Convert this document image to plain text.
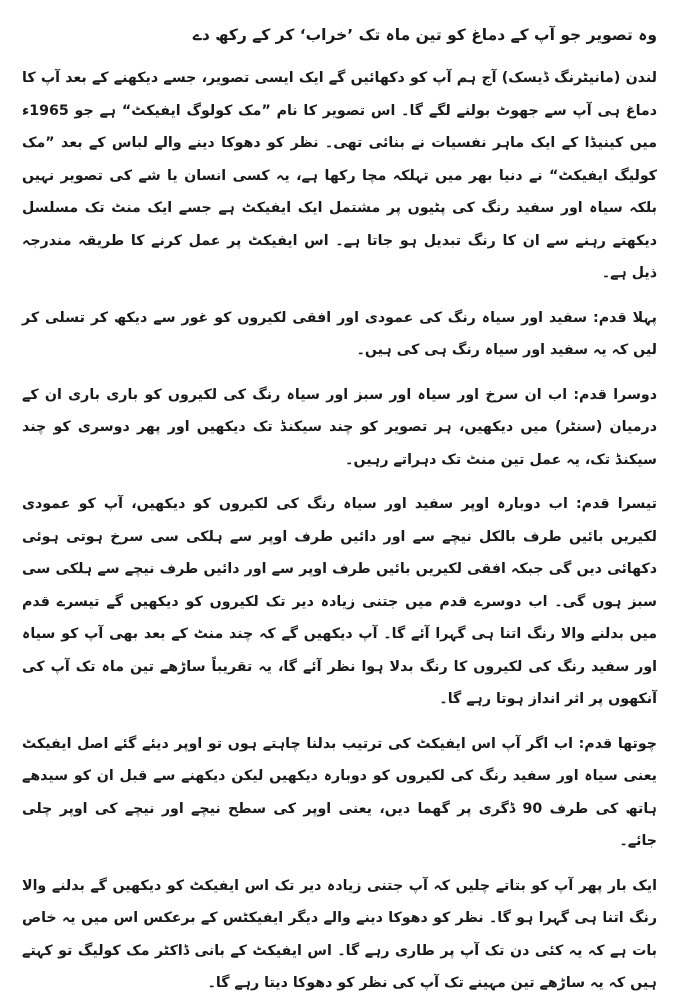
وہ تصویر جو آپ کے دماغ کو تین ماہ تک ’خراب‘ کر کے رکھ دے

لندن (مانیٹرنگ ڈیسک) آج ہم آپ کو دکھائیں گے ایک ایسی تصویر، جسے دیکھنے کے بعد آپ کا دماغ ہی آپ سے جھوٹ بولنے لگے گا۔ اس تصویر کا نام ”مک کولوگ ایفیکٹ“ ہے جو 1965ء میں کینیڈا کے ایک ماہر نفسیات نے بنائی تھی۔ نظر کو دھوکا دینے والے لباس کے بعد ”مک کولیگ ایفیکٹ“ نے دنیا بھر میں تہلکہ مچا رکھا ہے، یہ کسی انسان یا شے کی تصویر نہیں بلکہ سیاہ اور سفید رنگ کی پٹیوں پر مشتمل ایک ایفیکٹ ہے جسے ایک منٹ تک مسلسل دیکھتے رہنے سے ان کا رنگ تبدیل ہو جاتا ہے۔ اس ایفیکٹ پر عمل کرنے کا طریقہ مندرجہ ذیل ہے۔

پہلا قدم: سفید اور سیاہ رنگ کی عمودی اور افقی لکیروں کو غور سے دیکھ کر تسلی کر لیں کہ یہ سفید اور سیاہ رنگ ہی کی ہیں۔

دوسرا قدم: اب ان سرخ اور سیاہ اور سبز اور سیاہ رنگ کی لکیروں کو باری باری ان کے درمیان (سنٹر) میں دیکھیں، ہر تصویر کو چند سیکنڈ تک دیکھیں اور پھر دوسری کو چند سیکنڈ تک، یہ عمل تین منٹ تک دہراتے رہیں۔

تیسرا قدم: اب دوبارہ اوپر سفید اور سیاہ رنگ کی لکیروں کو دیکھیں، آپ کو عمودی لکیریں بائیں طرف بالکل نیچے سے اور دائیں طرف اوپر سے ہلکی سی سرخ ہوتی ہوئی دکھائی دیں گی جبکہ افقی لکیریں بائیں طرف اوپر سے اور دائیں طرف نیچے سے ہلکی سی سبز ہوں گی۔ اب دوسرے قدم میں جتنی زیادہ دیر تک لکیروں کو دیکھیں گے تیسرے قدم میں بدلنے والا رنگ اتنا ہی گہرا آئے گا۔ آپ دیکھیں گے کہ چند منٹ کے بعد بھی آپ کو سیاہ اور سفید رنگ کی لکیروں کا رنگ بدلا ہوا نظر آئے گا، یہ تقریباً ساڑھے تین ماہ تک آپ کی آنکھوں پر اثر انداز ہوتا رہے گا۔

چوتھا قدم: اب اگر آپ اس ایفیکٹ کی ترتیب بدلنا چاہتے ہوں تو اوپر دیئے گئے اصل ایفیکٹ یعنی سیاہ اور سفید رنگ کی لکیروں کو دوبارہ دیکھیں لیکن دیکھنے سے قبل ان کو سیدھے ہاتھ کی طرف 90 ڈگری پر گھما دیں، یعنی اوپر کی سطح نیچے اور نیچے کی اوپر چلی جائے۔

ایک بار پھر آپ کو بتاتے چلیں کہ آپ جتنی زیادہ دیر تک اس ایفیکٹ کو دیکھیں گے بدلنے والا رنگ اتنا ہی گہرا ہو گا۔ نظر کو دھوکا دینے والے دیگر ایفیکٹس کے برعکس اس میں یہ خاص بات ہے کہ یہ کئی دن تک آپ پر طاری رہے گا۔ اس ایفیکٹ کے بانی ڈاکٹر مک کولیگ تو کہتے ہیں کہ یہ ساڑھے تین مہینے تک آپ کی نظر کو دھوکا دیتا رہے گا۔
